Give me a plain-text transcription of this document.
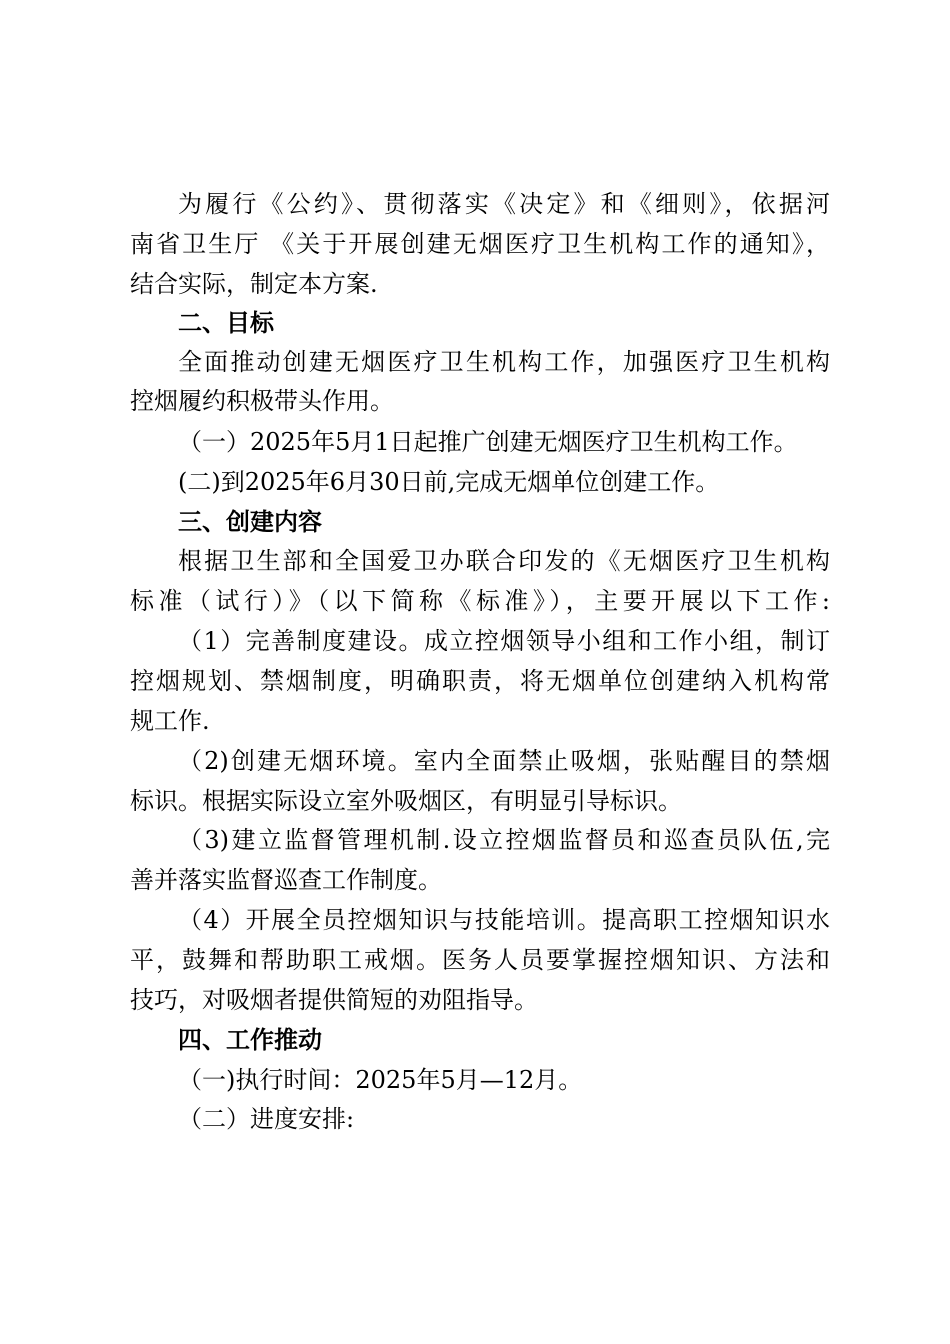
为履行《公约》、贯彻落实《决定》和《细则》，依据河
南省卫生厅 《关于开展创建无烟医疗卫生机构工作的通知》，
结合实际，制定本方案.
二、目标
全面推动创建无烟医疗卫生机构工作，加强医疗卫生机构
控烟履约积极带头作用。
（一）2025年5月1日起推广创建无烟医疗卫生机构工作。
(二)到2025年6月30日前,完成无烟单位创建工作。
三、创建内容
根据卫生部和全国爱卫办联合印发的《无烟医疗卫生机构
标准（试行）》（以下简称《标准》），主要开展以下工作:
（1）完善制度建设。成立控烟领导小组和工作小组，制订
控烟规划、禁烟制度，明确职责，将无烟单位创建纳入机构常
规工作.
（2)创建无烟环境。室内全面禁止吸烟，张贴醒目的禁烟
标识。根据实际设立室外吸烟区，有明显引导标识。
（3)建立监督管理机制.设立控烟监督员和巡查员队伍,完
善并落实监督巡查工作制度。
（4）开展全员控烟知识与技能培训。提高职工控烟知识水
平，鼓舞和帮助职工戒烟。医务人员要掌握控烟知识、方法和
技巧，对吸烟者提供简短的劝阻指导。
四、工作推动
（一)执行时间：2025年5月—12月。
（二）进度安排:
